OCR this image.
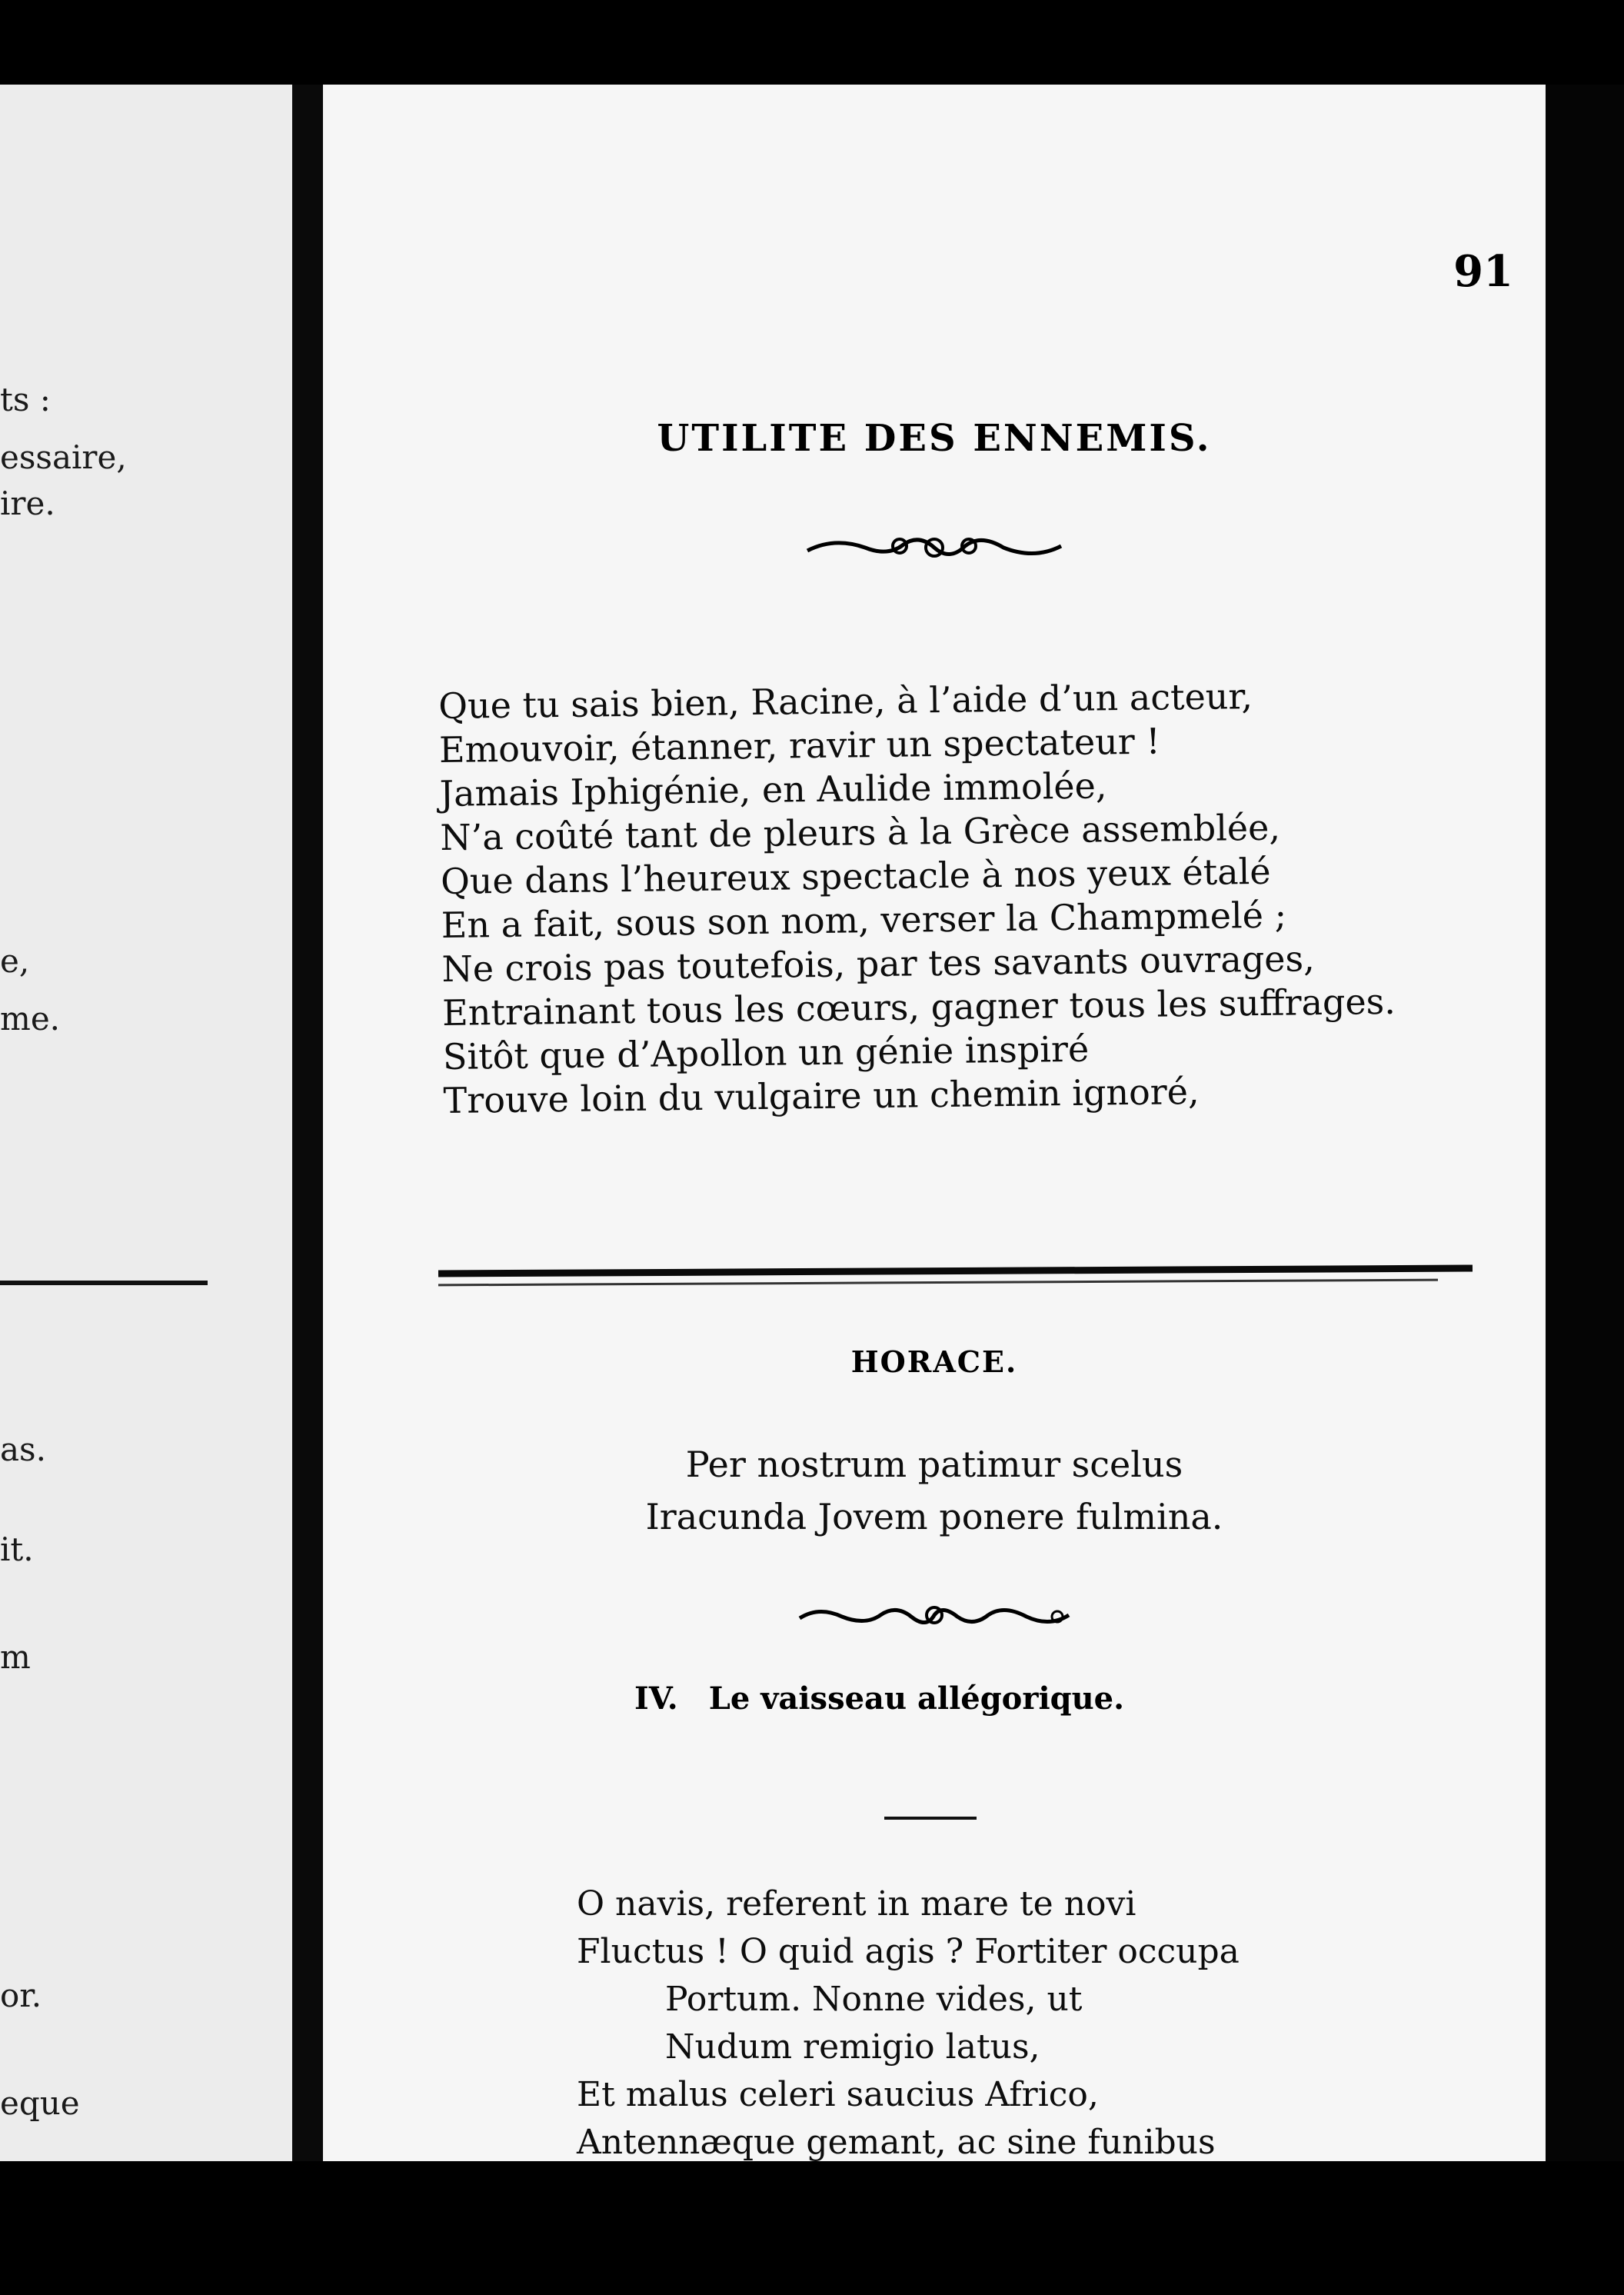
ts :
essaire,
ire.
e,
me.
as.
it.
m
or.
eque
91
UTILITE DES ENNEMIS.
Que tu sais bien, Racine, à l’aide d’un acteur,
Emouvoir, étanner, ravir un spectateur !
Jamais Iphigénie, en Aulide immolée,
N’a coûté tant de pleurs à la Grèce assemblée,
Que dans l’heureux spectacle à nos yeux étalé
En a fait, sous son nom, verser la Champmelé ;
Ne crois pas toutefois, par tes savants ouvrages,
Entrainant tous les cœurs, gagner tous les suffrages.
Sitôt que d’Apollon un génie inspiré
Trouve loin du vulgaire un chemin ignoré,
HORACE.
Per nostrum patimur scelus
Iracunda Jovem ponere fulmina.
IV. Le vaisseau allégorique.
O navis, referent in mare te novi
Fluctus ! O quid agis ? Fortiter occupa
Portum. Nonne vides, ut
Nudum remigio latus,
Et malus celeri saucius Africo,
Antennæque gemant, ac sine funibus
